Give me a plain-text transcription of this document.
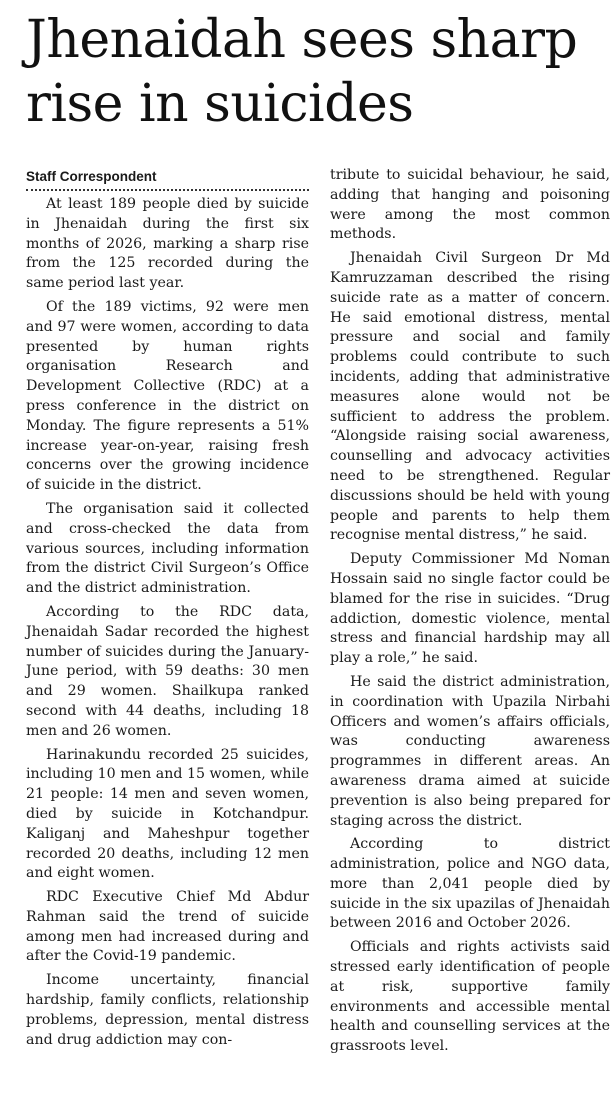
Jhenaidah sees sharp rise in suicides
Staff Correspondent

At least 189 people died by suicide in Jhenaidah during the first six months of 2026, marking a sharp rise from the 125 recorded during the same period last year.

Of the 189 victims, 92 were men and 97 were women, according to data presented by human rights organisation Research and Development Collective (RDC) at a press conference in the district on Monday. The figure represents a 51% increase year-on-year, raising fresh concerns over the growing incidence of suicide in the district.

The organisation said it collected and cross-checked the data from various sources, including information from the district Civil Surgeon’s Office and the district administration.

According to the RDC data, Jhenaidah Sadar recorded the highest number of suicides during the January-June period, with 59 deaths: 30 men and 29 women. Shailkupa ranked second with 44 deaths, including 18 men and 26 women.

Harinakundu recorded 25 suicides, including 10 men and 15 women, while 21 people: 14 men and seven women, died by suicide in Kotchandpur. Kaliganj and Maheshpur together recorded 20 deaths, including 12 men and eight women.

RDC Executive Chief Md Abdur Rahman said the trend of suicide among men had increased during and after the Covid-19 pandemic.

Income uncertainty, financial hardship, family conflicts, relationship problems, depression, mental distress and drug addiction may con-

tribute to suicidal behaviour, he said, adding that hanging and poisoning were among the most common methods.

Jhenaidah Civil Surgeon Dr Md Kamruzzaman described the rising suicide rate as a matter of concern. He said emotional distress, mental pressure and social and family problems could contribute to such incidents, adding that administrative measures alone would not be sufficient to address the problem. “Alongside raising social awareness, counselling and advocacy activities need to be strengthened. Regular discussions should be held with young people and parents to help them recognise mental distress,” he said.

Deputy Commissioner Md Noman Hossain said no single factor could be blamed for the rise in suicides. “Drug addiction, domestic violence, mental stress and financial hardship may all play a role,” he said.

He said the district administration, in coordination with Upazila Nirbahi Officers and women’s affairs officials, was conducting awareness programmes in different areas. An awareness drama aimed at suicide prevention is also being prepared for staging across the district.

According to district administration, police and NGO data, more than 2,041 people died by suicide in the six upazilas of Jhenaidah between 2016 and October 2026.

Officials and rights activists said stressed early identification of people at risk, supportive family environments and accessible mental health and counselling services at the grassroots level.
